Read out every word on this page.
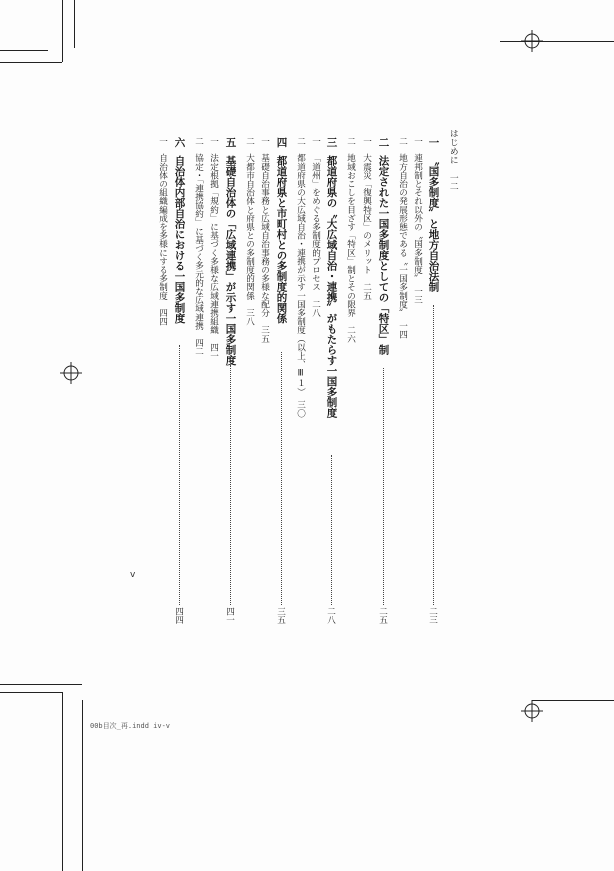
はじめに　一二
一〝国多制度〟と地方自治法制
二三
一連邦制とそれ以外の〝国多制度〟　一三
二地方自治の発展形態である〝一国多制度〟　一四
二法定された一国多制度としての「特区」制
二五
一大震災「復興特区」のメリット　二五
二地域おこしを目ざす「特区」制とその限界　二六
三都道府県の〝大広域自治・連携〟がもたらす一国多制度
二八
一「道州」をめぐる多制度的プロセス　二八
二都道府県の大広域自治・連携が示す一国多制度（以上、Ⅲ１）　三〇
四都道府県と市町村との多制度的関係
三五
一基礎自治事務と広域自治事務の多様な配分　三五
二大都市自治体と府県との多制度的関係　三八
五基礎自治体の「広域連携」が示す一国多制度
四一
一法定根拠「規約」に基づく多様な広域連携組織　四一
二協定・「連携協約」に基づく多元的な広域連携　四二
六自治体内部自治における一国多制度
四四
一自治体の組織編成を多様にする多制度　四四
v
00b目次_再.indd iv-v
